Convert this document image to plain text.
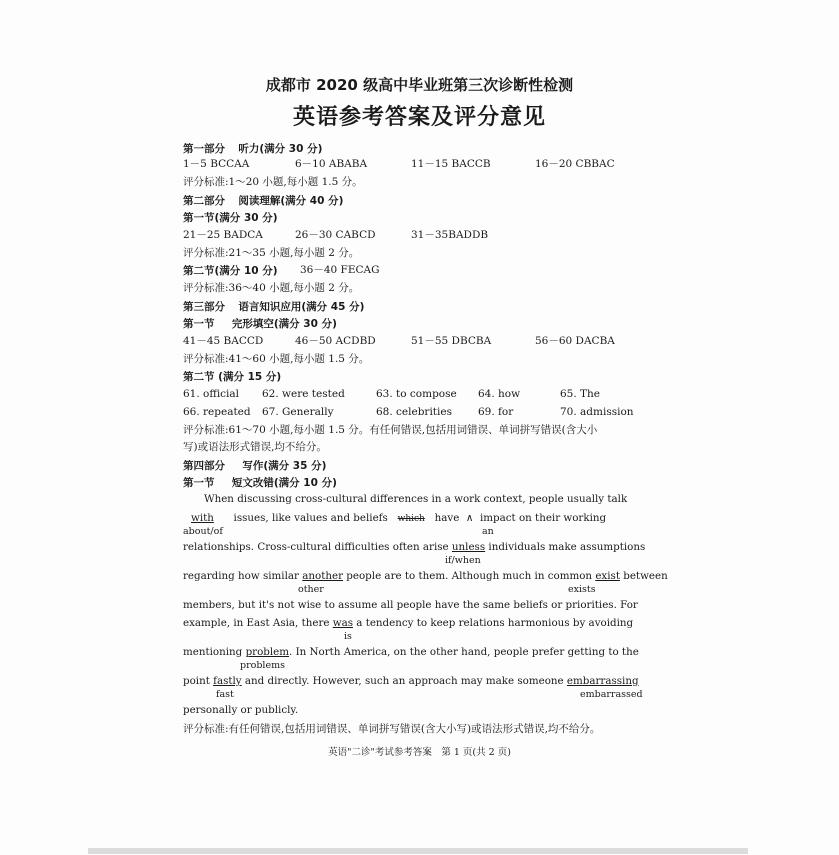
成都市 2020 级高中毕业班第三次诊断性检测
英语参考答案及评分意见
第一部分 听力(满分 30 分)
1－5 BCCAA	6－10 ABABA	11－15 BACCB	16－20 CBBAC
评分标准:1～20 小题,每小题 1.5 分。
第二部分 阅读理解(满分 40 分)
第一节(满分 30 分)
21－25 BADCA	26－30 CABCD	31－35BADDB
评分标准:21～35 小题,每小题 2 分。
第二节(满分 10 分) 36－40 FECAG
评分标准:36～40 小题,每小题 2 分。
第三部分 语言知识应用(满分 45 分)
第一节 完形填空(满分 30 分)
41－45 BACCD	46－50 ACDBD	51－55 DBCBA	56－60 DACBA
评分标准:41～60 小题,每小题 1.5 分。
第二节 (满分 15 分)
61. official 62. were tested	63. to compose 64. how	65. The
66. repeated 67. Generally	68. celebrities 69. for	70. admission
评分标准:61～70 小题,每小题 1.5 分。有任何错误,包括用词错误、单词拼写错误(含大小
写)或语法形式错误,均不给分。
第四部分 写作(满分 35 分)
第一节 短文改错(满分 10 分)
When discussing cross-cultural differences in a work context, people usually talk
with issues, like values and beliefs which have ∧ impact on their working
about/of	an
relationships. Cross-cultural difficulties often arise unless individuals make assumptions
if/when
regarding how similar another people are to them. Although much in common exist between
other	exists
members, but it's not wise to assume all people have the same beliefs or priorities. For
example, in East Asia, there was a tendency to keep relations harmonious by avoiding
is
mentioning problem. In North America, on the other hand, people prefer getting to the
problems
point fastly and directly. However, such an approach may make someone embarrassing
fast	embarrassed
personally or publicly.
评分标准:有任何错误,包括用词错误、单词拼写错误(含大小写)或语法形式错误,均不给分。
英语"二诊"考试参考答案　第 1 页(共 2 页)
